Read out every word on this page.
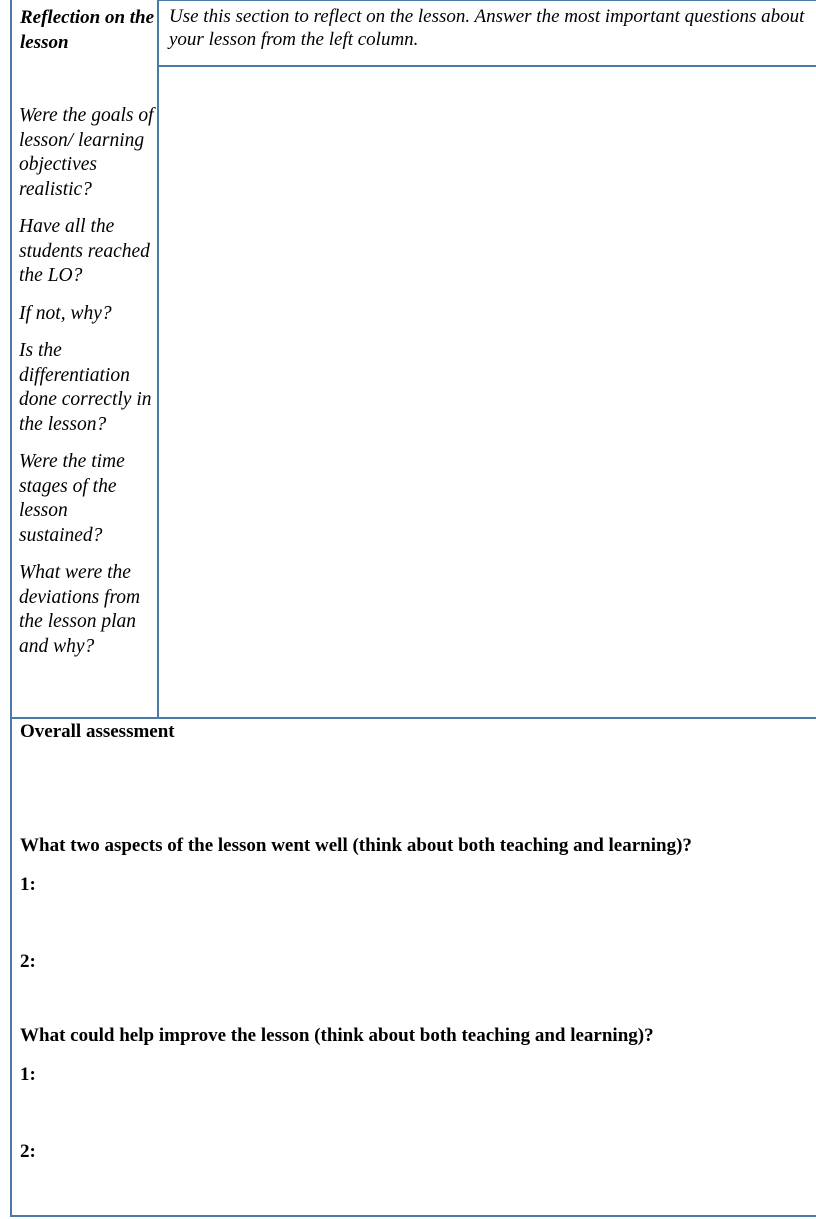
Reflection on the lesson
Use this section to reflect on the lesson. Answer the most important questions about your lesson from the left column.

Were the goals of lesson/ learning objectives realistic?

Have all the students reached the LO?

If not, why?

Is the differentiation done correctly in the lesson?

Were the time stages of the lesson sustained?

What were the deviations from the lesson plan and why?

Overall assessment
What two aspects of the lesson went well (think about both teaching and learning)?
1:
2:
What could help improve the lesson (think about both teaching and learning)?
1:
2:
